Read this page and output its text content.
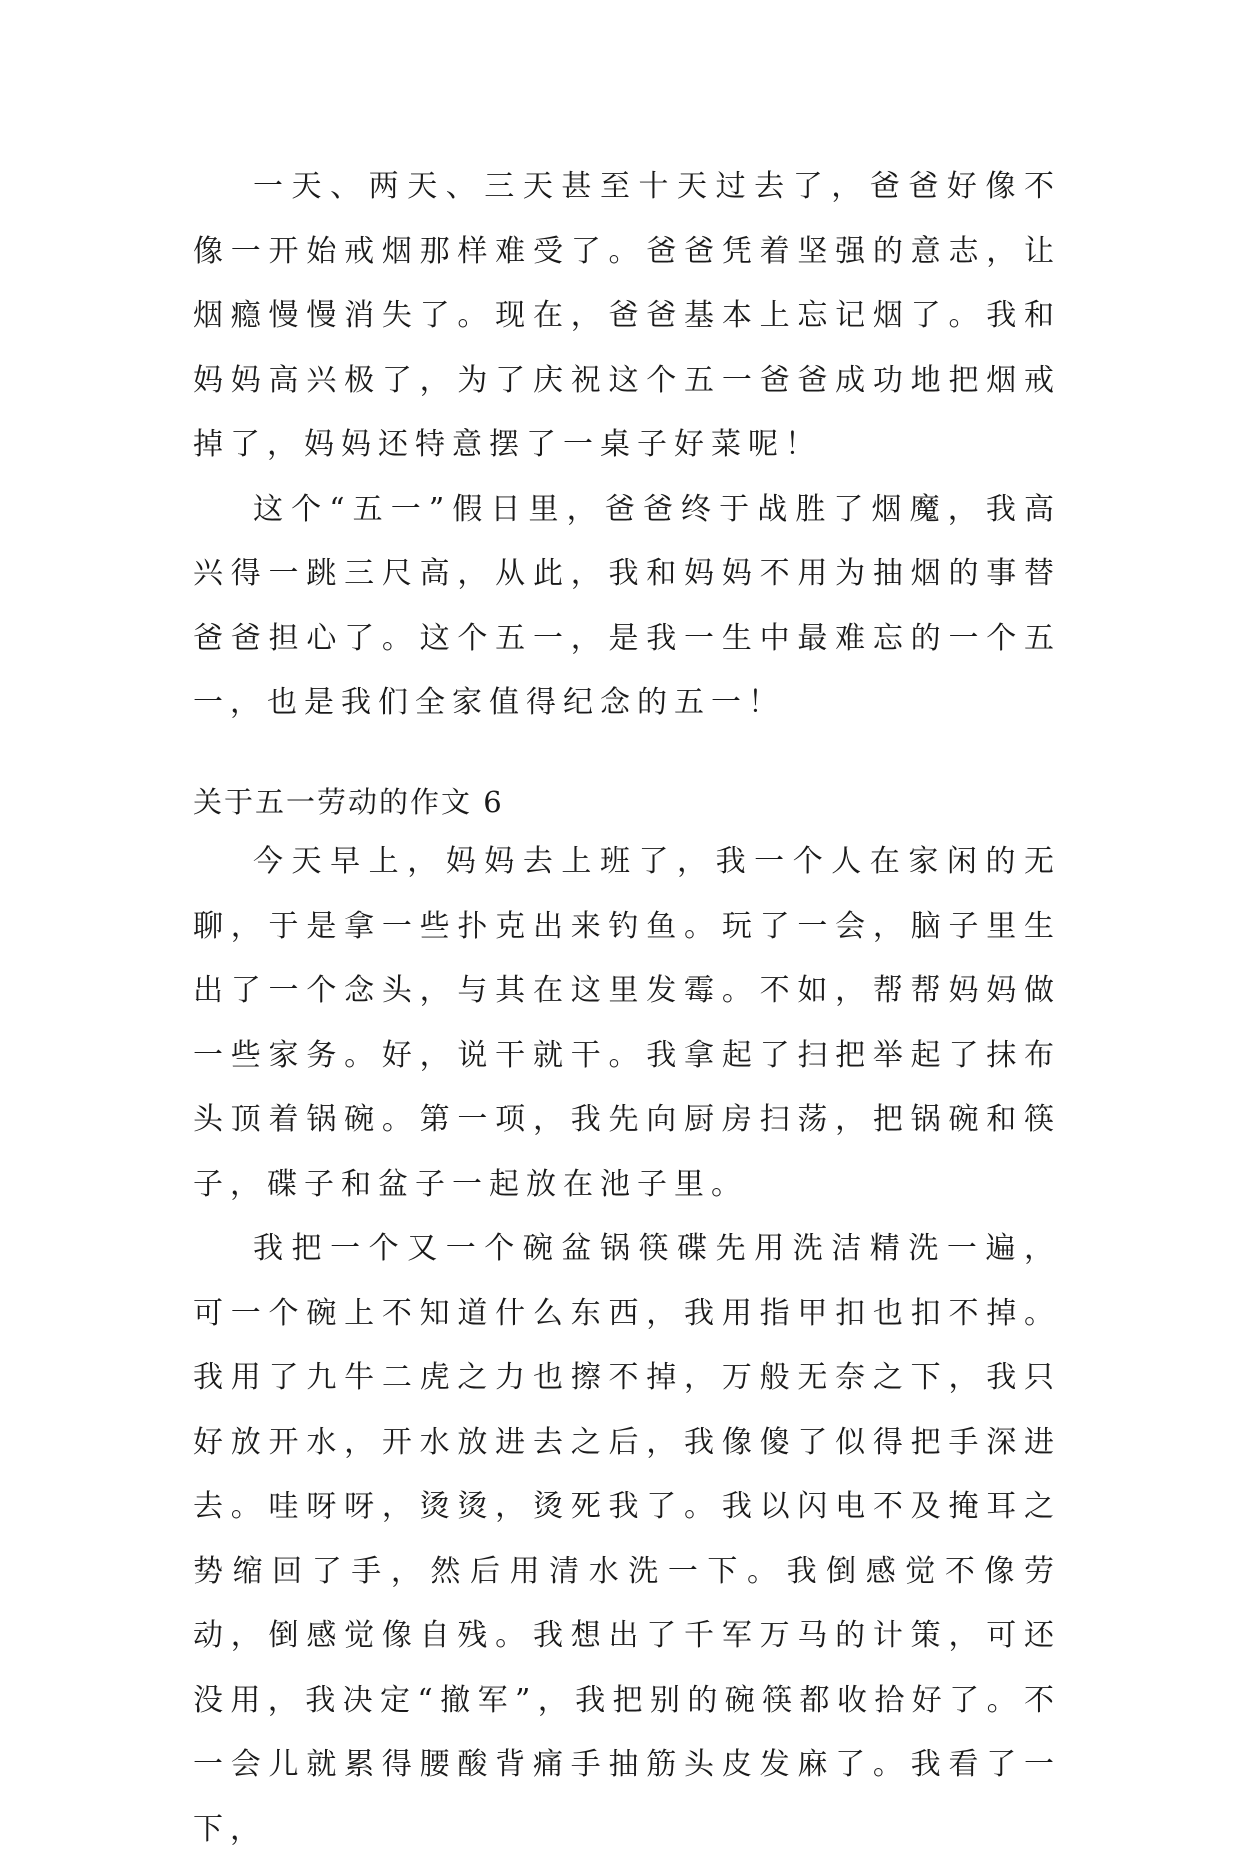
一天、两天、三天甚至十天过去了，爸爸好像不像一开始戒烟那样难受了。爸爸凭着坚强的意志，让烟瘾慢慢消失了。现在，爸爸基本上忘记烟了。我和妈妈高兴极了，为了庆祝这个五一爸爸成功地把烟戒掉了，妈妈还特意摆了一桌子好菜呢！

这个“五一”假日里，爸爸终于战胜了烟魔，我高兴得一跳三尺高，从此，我和妈妈不用为抽烟的事替爸爸担心了。这个五一，是我一生中最难忘的一个五一，也是我们全家值得纪念的五一！

关于五一劳动的作文 6

今天早上，妈妈去上班了，我一个人在家闲的无聊，于是拿一些扑克出来钓鱼。玩了一会，脑子里生出了一个念头，与其在这里发霉。不如，帮帮妈妈做一些家务。好，说干就干。我拿起了扫把举起了抹布头顶着锅碗。第一项，我先向厨房扫荡，把锅碗和筷子，碟子和盆子一起放在池子里。

我把一个又一个碗盆锅筷碟先用洗洁精洗一遍，可一个碗上不知道什么东西，我用指甲扣也扣不掉。我用了九牛二虎之力也擦不掉，万般无奈之下，我只好放开水，开水放进去之后，我像傻了似得把手深进去。哇呀呀，烫烫，烫死我了。我以闪电不及掩耳之势缩回了手，然后用清水洗一下。我倒感觉不像劳动，倒感觉像自残。我想出了千军万马的计策，可还没用，我决定“撤军”，我把别的碗筷都收拾好了。不一会儿就累得腰酸背痛手抽筋头皮发麻了。我看了一下，
